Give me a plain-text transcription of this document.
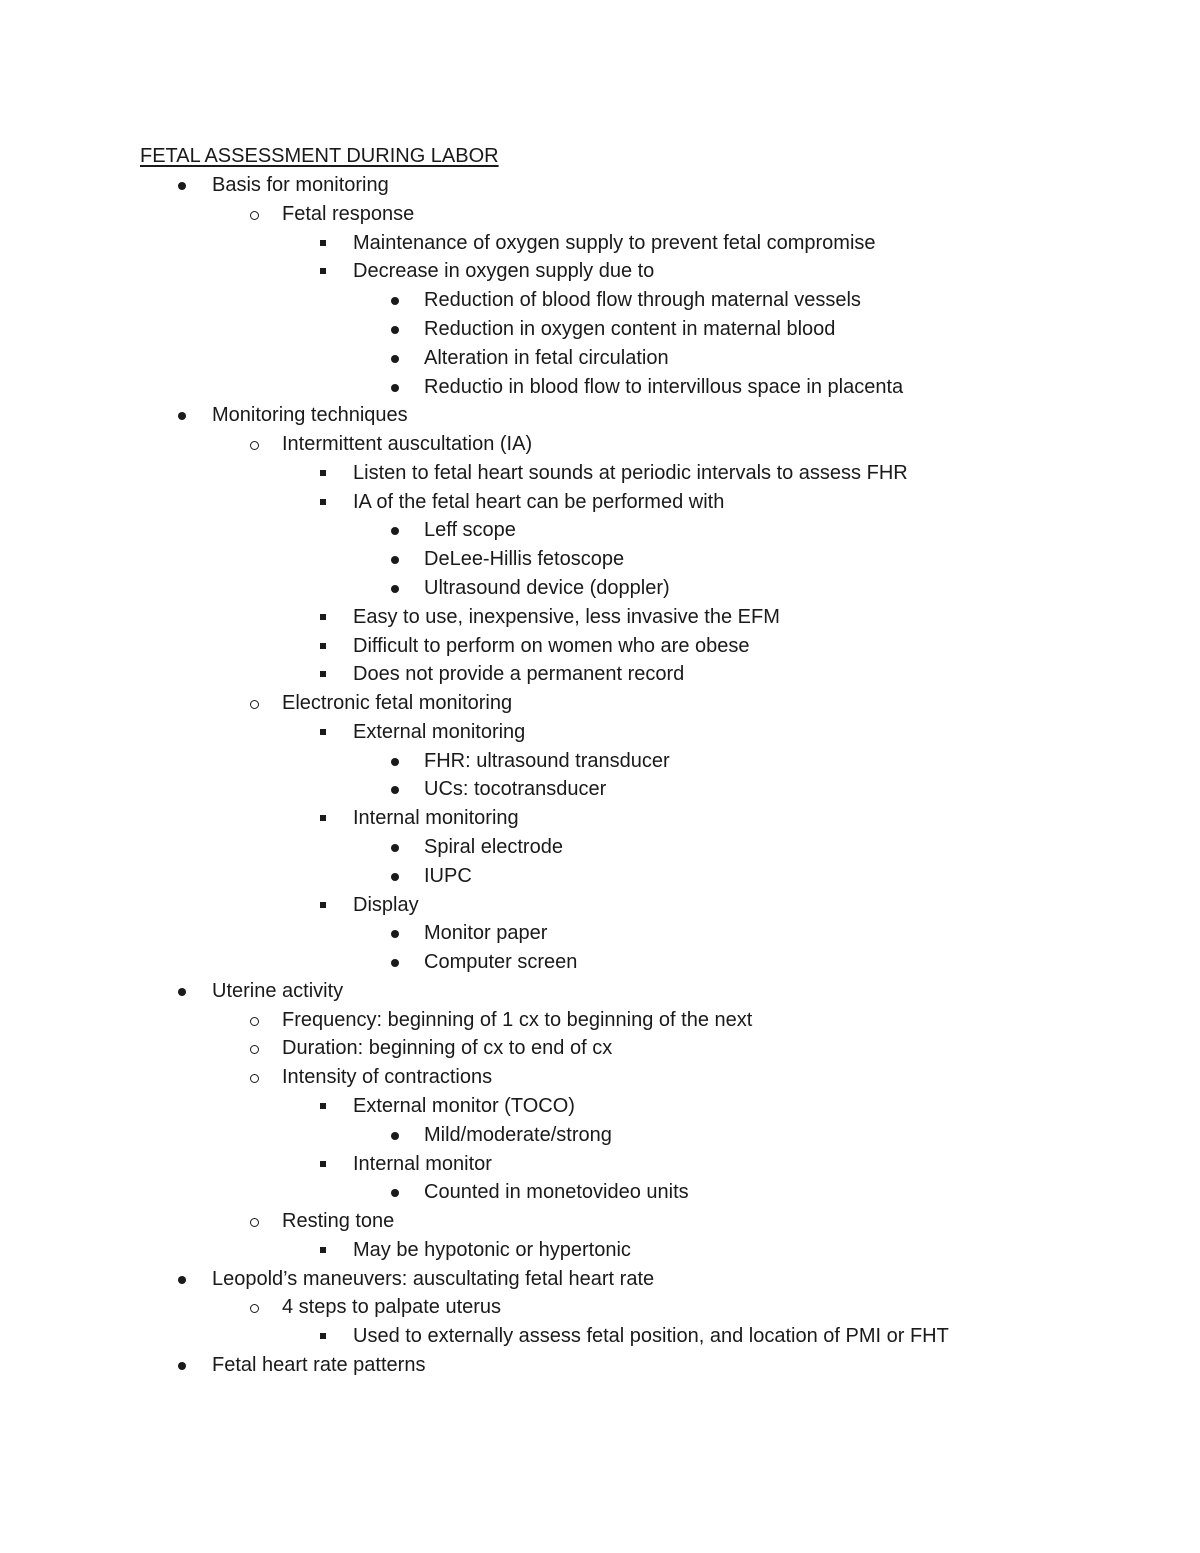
FETAL ASSESSMENT DURING LABOR
Basis for monitoring
Fetal response
Maintenance of oxygen supply to prevent fetal compromise
Decrease in oxygen supply due to
Reduction of blood flow through maternal vessels
Reduction in oxygen content in maternal blood
Alteration in fetal circulation
Reductio in blood flow to intervillous space in placenta
Monitoring techniques
Intermittent auscultation (IA)
Listen to fetal heart sounds at periodic intervals to assess FHR
IA of the fetal heart can be performed with
Leff scope
DeLee-Hillis fetoscope
Ultrasound device (doppler)
Easy to use, inexpensive, less invasive the EFM
Difficult to perform on women who are obese
Does not provide a permanent record
Electronic fetal monitoring
External monitoring
FHR: ultrasound transducer
UCs: tocotransducer
Internal monitoring
Spiral electrode
IUPC
Display
Monitor paper
Computer screen
Uterine activity
Frequency: beginning of 1 cx to beginning of the next
Duration: beginning of cx to end of cx
Intensity of contractions
External monitor (TOCO)
Mild/moderate/strong
Internal monitor
Counted in monetovideo units
Resting tone
May be hypotonic or hypertonic
Leopold’s maneuvers: auscultating fetal heart rate
4 steps to palpate uterus
Used to externally assess fetal position, and location of PMI or FHT
Fetal heart rate patterns
